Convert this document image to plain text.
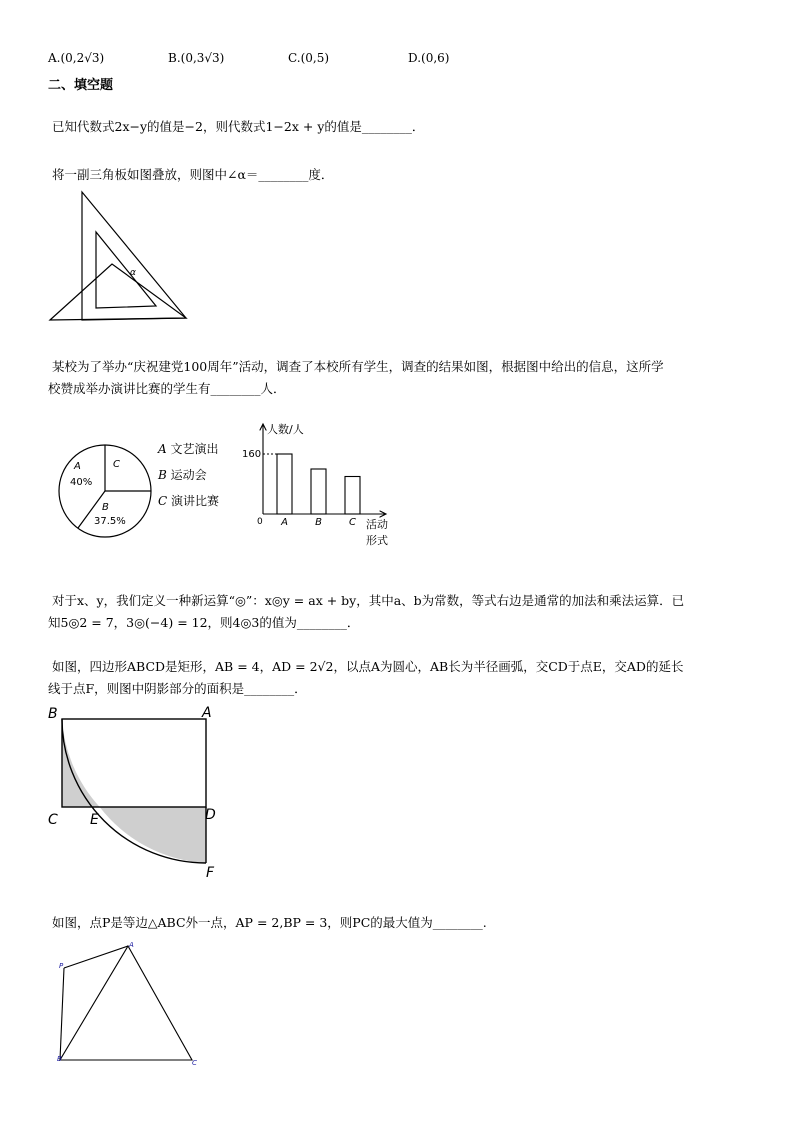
A.(0,2√3)	B.(0,3√3)	C.(0,5)	D.(0,6)
二、填空题
已知代数式2x−y的值是−2，则代数式1−2x + y的值是________．
将一副三角板如图叠放，则图中∠α＝________度．
α
某校为了举办“庆祝建党100周年”活动，调查了本校所有学生，调查的结果如图，根据图中给出的信息，这所学
校赞成举办演讲比赛的学生有________人．
C
A
40%
B
37.5%
A 文艺演出
B 运动会
C 演讲比赛
人数/人
160
0	活动
形式
A	B	C
对于x、y，我们定义一种新运算“◎”：x◎y = ax + by，其中a、b为常数，等式右边是通常的加法和乘法运算．已
知5◎2 = 7，3◎(−4) = 12，则4◎3的值为________．
如图，四边形ABCD是矩形，AB = 4，AD = 2√2，以点A为圆心，AB长为半径画弧，交CD于点E，交AD的延长
线于点F，则图中阴影部分的面积是________．
B	A
C E	D
F
如图，点P是等边△ABC外一点，AP = 2,BP = 3，则PC的最大值为________.
P
A
B	C
